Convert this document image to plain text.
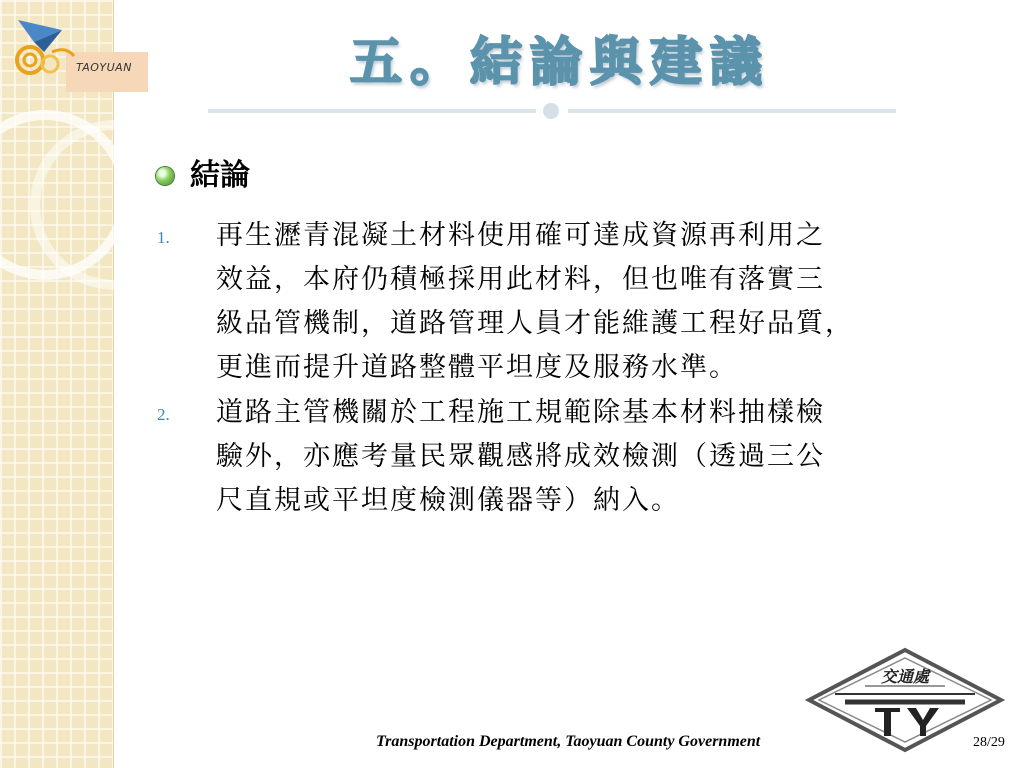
TAOYUAN	五。結論與建議
結論
1. 再生瀝青混凝土材料使用確可達成資源再利用之
效益，本府仍積極採用此材料，但也唯有落實三
級品管機制，道路管理人員才能維護工程好品質，
更進而提升道路整體平坦度及服務水準。
2. 道路主管機關於工程施工規範除基本材料抽樣檢
驗外，亦應考量民眾觀感將成效檢測（透過三公
尺直規或平坦度檢測儀器等）納入。
交通處
Transportation Department, Taoyuan County Government	28/29
